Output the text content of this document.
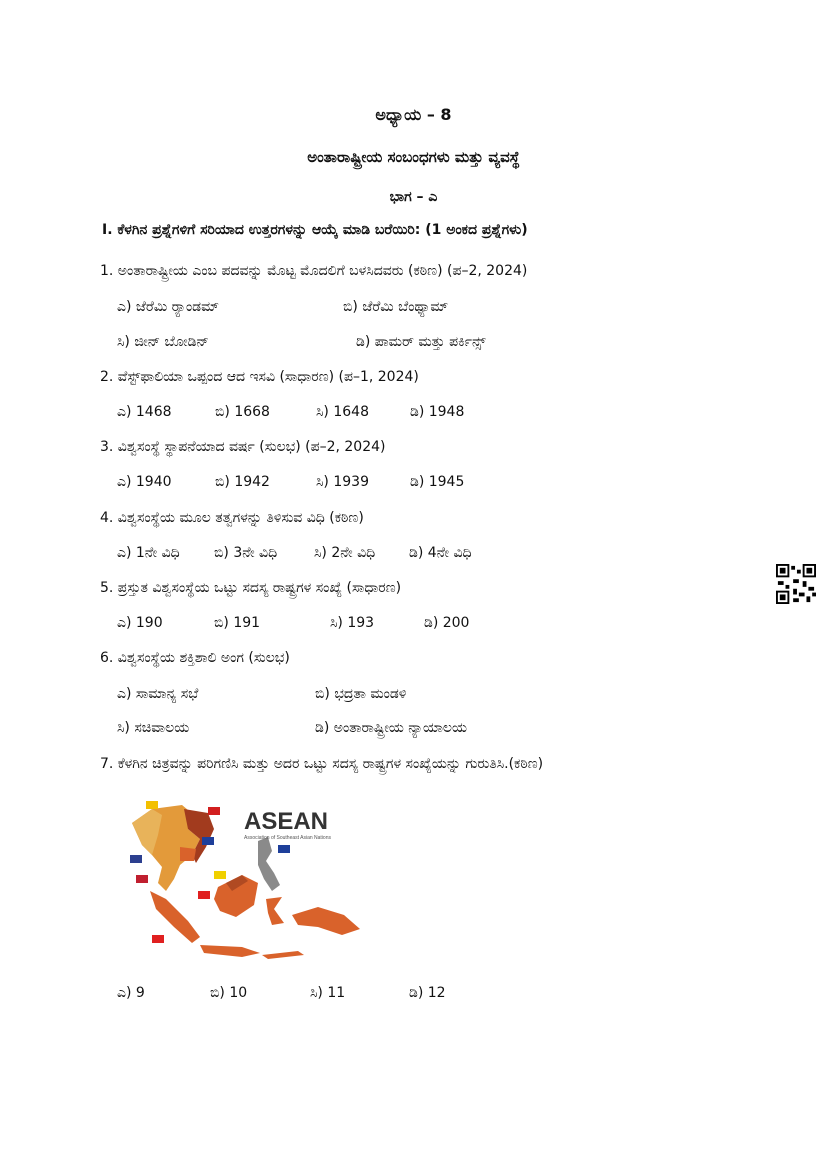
ಅಧ್ಯಾಯ – 8
ಅಂತಾರಾಷ್ಟ್ರೀಯ ಸಂಬಂಧಗಳು ಮತ್ತು ವ್ಯವಸ್ಥೆ
ಭಾಗ – ಎ
I. ಕೆಳಗಿನ ಪ್ರಶ್ನೆಗಳಿಗೆ ಸರಿಯಾದ ಉತ್ತರಗಳನ್ನು ಆಯ್ಕೆ ಮಾಡಿ ಬರೆಯಿರಿ: (1 ಅಂಕದ ಪ್ರಶ್ನೆಗಳು)
1. ಅಂತಾರಾಷ್ಟ್ರೀಯ ಎಂಬ ಪದವನ್ನು ಮೊಟ್ಟ ಮೊದಲಿಗೆ ಬಳಸಿದವರು (ಕಠಿಣ) (ಪ–2, 2024)
ಎ) ಜೆರೆಮಿ ರ್‍ಯಾಂಡಮ್	ಬಿ) ಜೆರೆಮಿ ಬೆಂಥ್ಯಾಮ್
ಸಿ) ಜೀನ್ ಬೋಡಿನ್	ಡಿ) ಪಾಮರ್ ಮತ್ತು ಪರ್ಕಿನ್ಸ್
2. ವೆಸ್ಟ್‌ಫಾಲಿಯಾ ಒಪ್ಪಂದ ಆದ ಇಸವಿ (ಸಾಧಾರಣ) (ಪ–1, 2024)
ಎ) 1468	ಬಿ) 1668	ಸಿ) 1648	ಡಿ) 1948
3. ವಿಶ್ವಸಂಸ್ಥೆ ಸ್ಥಾಪನೆಯಾದ ವರ್ಷ (ಸುಲಭ) (ಪ–2, 2024)
ಎ) 1940	ಬಿ) 1942	ಸಿ) 1939	ಡಿ) 1945
4. ವಿಶ್ವಸಂಸ್ಥೆಯ ಮೂಲ ತತ್ವಗಳನ್ನು ತಿಳಿಸುವ ವಿಧಿ (ಕಠಿಣ)
ಎ) 1ನೇ ವಿಧಿ ಬಿ) 3ನೇ ವಿಧಿ	ಸಿ) 2ನೇ ವಿಧಿ ಡಿ) 4ನೇ ವಿಧಿ
5. ಪ್ರಸ್ತುತ ವಿಶ್ವಸಂಸ್ಥೆಯ ಒಟ್ಟು ಸದಸ್ಯ ರಾಷ್ಟ್ರಗಳ ಸಂಖ್ಯೆ (ಸಾಧಾರಣ)
ಎ) 190	ಬಿ) 191	ಸಿ) 193	ಡಿ) 200
6. ವಿಶ್ವಸಂಸ್ಥೆಯ ಶಕ್ತಿಶಾಲಿ ಅಂಗ (ಸುಲಭ)
ಎ) ಸಾಮಾನ್ಯ ಸಭೆ	ಬಿ) ಭದ್ರತಾ ಮಂಡಳಿ
ಸಿ) ಸಚಿವಾಲಯ	ಡಿ) ಅಂತಾರಾಷ್ಟ್ರೀಯ ನ್ಯಾಯಾಲಯ
7. ಕೆಳಗಿನ ಚಿತ್ರವನ್ನು ಪರಿಗಣಿಸಿ ಮತ್ತು ಅದರ ಒಟ್ಟು ಸದಸ್ಯ ರಾಷ್ಟ್ರಗಳ ಸಂಖ್ಯೆಯನ್ನು ಗುರುತಿಸಿ.(ಕಠಿಣ)
ASEAN
Association of Southeast Asian Nations
ಎ) 9	ಬಿ) 10	ಸಿ) 11	ಡಿ) 12
